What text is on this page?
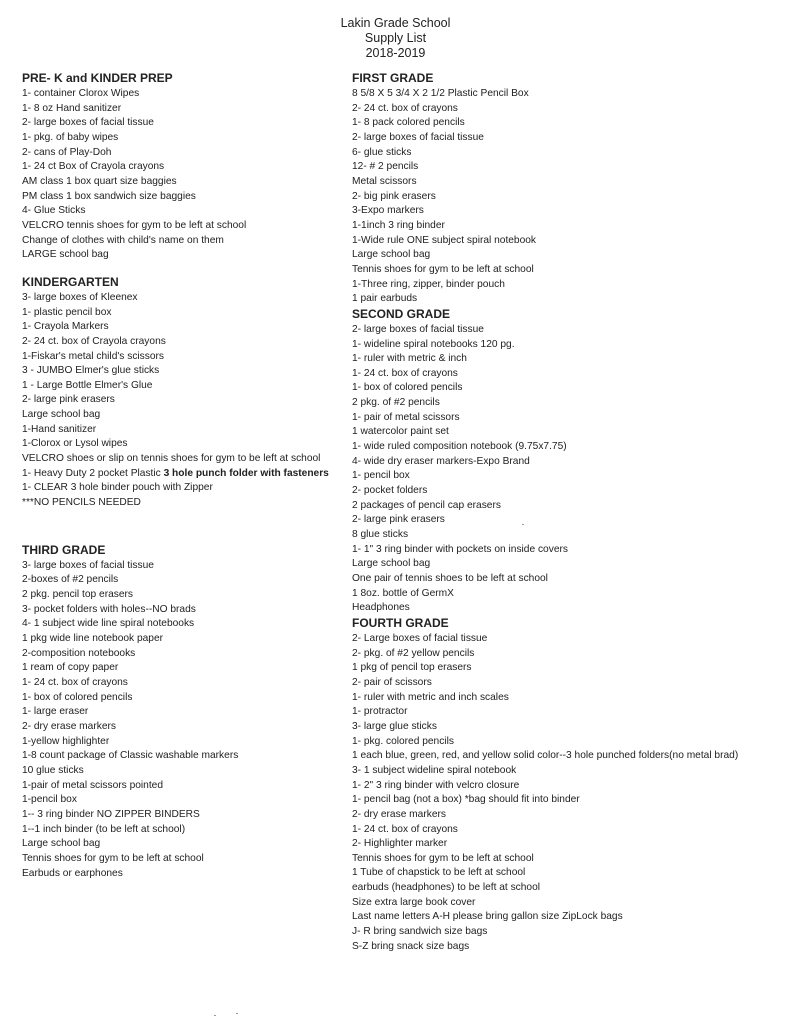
Lakin Grade School
Supply List
2018-2019
PRE- K and KINDER PREP
1- container Clorox Wipes
1- 8 oz Hand sanitizer
2- large boxes of facial tissue
1- pkg. of baby wipes
2- cans of Play-Doh
1- 24 ct Box of Crayola crayons
AM class 1 box quart size baggies
PM class 1 box sandwich size baggies
4- Glue Sticks
VELCRO tennis shoes for gym to be left at school
Change of clothes with child's name on them
LARGE school bag
KINDERGARTEN
3- large boxes of Kleenex
1- plastic pencil box
1- Crayola Markers
2- 24 ct. box of Crayola crayons
1-Fiskar's metal child's scissors
3 - JUMBO Elmer's glue sticks
1 - Large Bottle Elmer's Glue
2- large pink erasers
Large school bag
1-Hand sanitizer
1-Clorox or Lysol wipes
VELCRO shoes or slip on tennis shoes for gym to be left at school
1- Heavy Duty 2 pocket Plastic 3 hole punch folder with fasteners
1- CLEAR 3 hole binder pouch with Zipper
***NO PENCILS NEEDED
THIRD GRADE
3- large boxes of facial tissue
2-boxes of #2 pencils
2 pkg. pencil top erasers
3- pocket folders with holes--NO brads
4- 1 subject wide line spiral notebooks
1 pkg wide line notebook paper
2-composition notebooks
1 ream of copy paper
1- 24 ct. box of crayons
1- box of colored pencils
1- large eraser
2- dry erase markers
1-yellow highlighter
1-8 count package of Classic washable markers
10 glue sticks
1-pair of metal scissors pointed
1-pencil box
1-- 3 ring binder NO ZIPPER BINDERS
1--1 inch binder (to be left at school)
Large school bag
Tennis shoes for gym to be left at school
Earbuds or earphones
FIRST GRADE
8 5/8 X 5 3/4 X 2 1/2 Plastic Pencil Box
2- 24 ct. box of crayons
1- 8 pack colored pencils
2- large boxes of facial tissue
6- glue sticks
12- # 2 pencils
Metal scissors
2- big pink erasers
3-Expo markers
1-1inch 3 ring binder
1-Wide rule ONE subject spiral notebook
Large school bag
Tennis shoes for gym to be left at school
1-Three ring, zipper, binder pouch
1 pair earbuds
SECOND GRADE
2- large boxes of facial tissue
1- wideline spiral notebooks 120 pg.
1- ruler with metric & inch
1- 24 ct. box of crayons
1- box of colored pencils
2 pkg. of #2 pencils
1- pair of metal scissors
1 watercolor paint set
1- wide ruled composition notebook (9.75x7.75)
4- wide dry eraser markers-Expo Brand
1- pencil box
2- pocket folders
2 packages of pencil cap erasers
2- large pink erasers
8 glue sticks
1- 1" 3 ring binder with pockets on inside covers
Large school bag
One pair of tennis shoes to be left at school
1 8oz. bottle of GermX
Headphones
FOURTH GRADE
2- Large boxes of facial tissue
2- pkg. of #2 yellow pencils
1 pkg of pencil top erasers
2- pair of scissors
1- ruler with metric and inch scales
1- protractor
3- large glue sticks
1- pkg. colored pencils
1 each blue, green, red, and yellow solid color--3 hole punched folders(no metal brad)
3- 1 subject wideline spiral notebook
1- 2" 3 ring binder with velcro closure
1- pencil bag (not a box) *bag should fit into binder
2- dry erase markers
1- 24 ct. box of crayons
2- Highlighter marker
Tennis shoes for gym to be left at school
1 Tube of chapstick to be left at school
earbuds (headphones) to be left at school
Size extra large book cover
Last name letters A-H please bring gallon size ZipLock bags
J- R bring sandwich size bags
S-Z bring snack size bags
